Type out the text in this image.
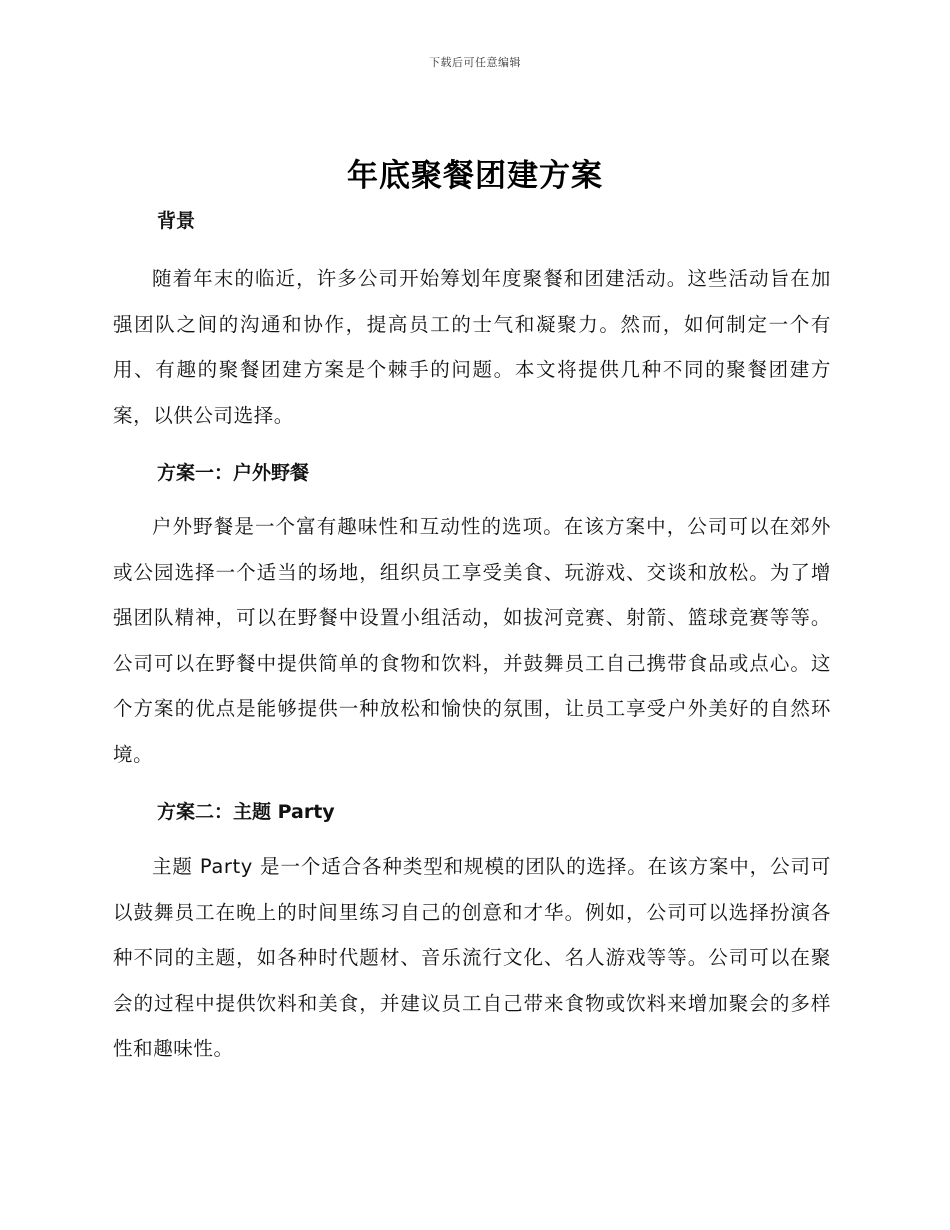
下载后可任意编辑
年底聚餐团建方案
背景

随着年末的临近，许多公司开始筹划年度聚餐和团建活动。这些活动旨在加强团队之间的沟通和协作，提高员工的士气和凝聚力。然而，如何制定一个有用、有趣的聚餐团建方案是个棘手的问题。本文将提供几种不同的聚餐团建方案，以供公司选择。

方案一：户外野餐

户外野餐是一个富有趣味性和互动性的选项。在该方案中，公司可以在郊外或公园选择一个适当的场地，组织员工享受美食、玩游戏、交谈和放松。为了增强团队精神，可以在野餐中设置小组活动，如拔河竞赛、射箭、篮球竞赛等等。公司可以在野餐中提供简单的食物和饮料，并鼓舞员工自己携带食品或点心。这个方案的优点是能够提供一种放松和愉快的氛围，让员工享受户外美好的自然环境。

方案二：主题 Party

主题 Party 是一个适合各种类型和规模的团队的选择。在该方案中，公司可以鼓舞员工在晚上的时间里练习自己的创意和才华。例如，公司可以选择扮演各种不同的主题，如各种时代题材、音乐流行文化、名人游戏等等。公司可以在聚会的过程中提供饮料和美食，并建议员工自己带来食物或饮料来增加聚会的多样性和趣味性。
